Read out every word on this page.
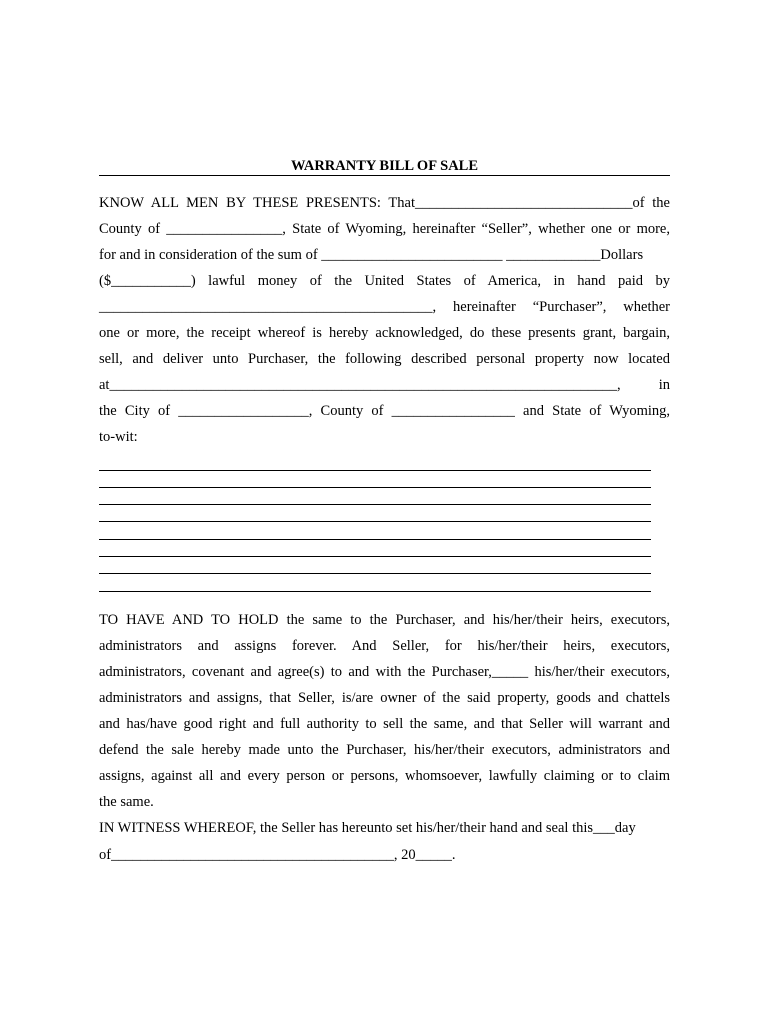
WARRANTY BILL OF SALE
KNOW ALL MEN BY THESE PRESENTS: That______________________________of the
County of ________________, State of Wyoming, hereinafter “Seller”, whether one or more,
for and in consideration of the sum of _________________________ _____________Dollars
($___________) lawful money of the United States of America, in hand paid by
______________________________________________, hereinafter “Purchaser”, whether
one or more, the receipt whereof is hereby acknowledged, do these presents grant, bargain,
sell, and deliver unto Purchaser, the following described personal property now located
at______________________________________________________________________,	in
the City of __________________, County of _________________ and State of Wyoming,
to-wit:
TO HAVE AND TO HOLD the same to the Purchaser, and his/her/their heirs, executors,
administrators and assigns forever. And Seller, for his/her/their heirs, executors,
administrators, covenant and agree(s) to and with the Purchaser,_____ his/her/their executors,
administrators and assigns, that Seller, is/are owner of the said property, goods and chattels
and has/have good right and full authority to sell the same, and that Seller will warrant and
defend the sale hereby made unto the Purchaser, his/her/their executors, administrators and
assigns, against all and every person or persons, whomsoever, lawfully claiming or to claim
the same.
IN WITNESS WHEREOF, the Seller has hereunto set his/her/their hand and seal this___day
of_______________________________________, 20_____.
